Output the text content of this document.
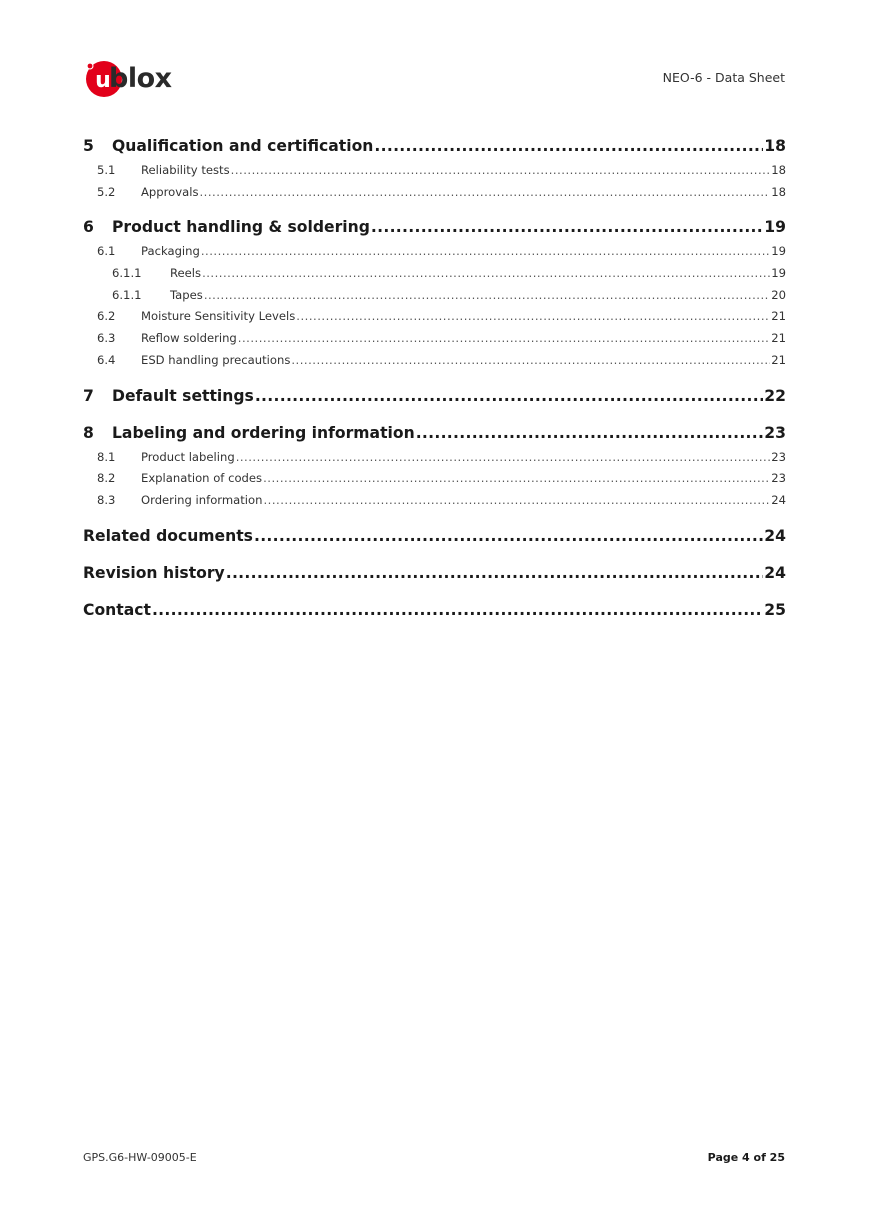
u
blox	NEO-6 - Data Sheet
5	Qualification and certification .....	18
5.1	Reliability tests .....	18
5.2	Approvals .....	18
6	Product handling & soldering .....	19
6.1	Packaging .....	19
6.1.1	Reels .....	19
6.1.1	Tapes .....	20
6.2	Moisture Sensitivity Levels .....	21
6.3	Reflow soldering .....	21
6.4	ESD handling precautions .....	21
7	Default settings .....	22
8	Labeling and ordering information .....	23
8.1	Product labeling .....	23
8.2	Explanation of codes .....	23
8.3	Ordering information .....	24
Related documents .....	24
Revision history .....	24
Contact .....	25
GPS.G6-HW-09005-E	Page 4 of 25
